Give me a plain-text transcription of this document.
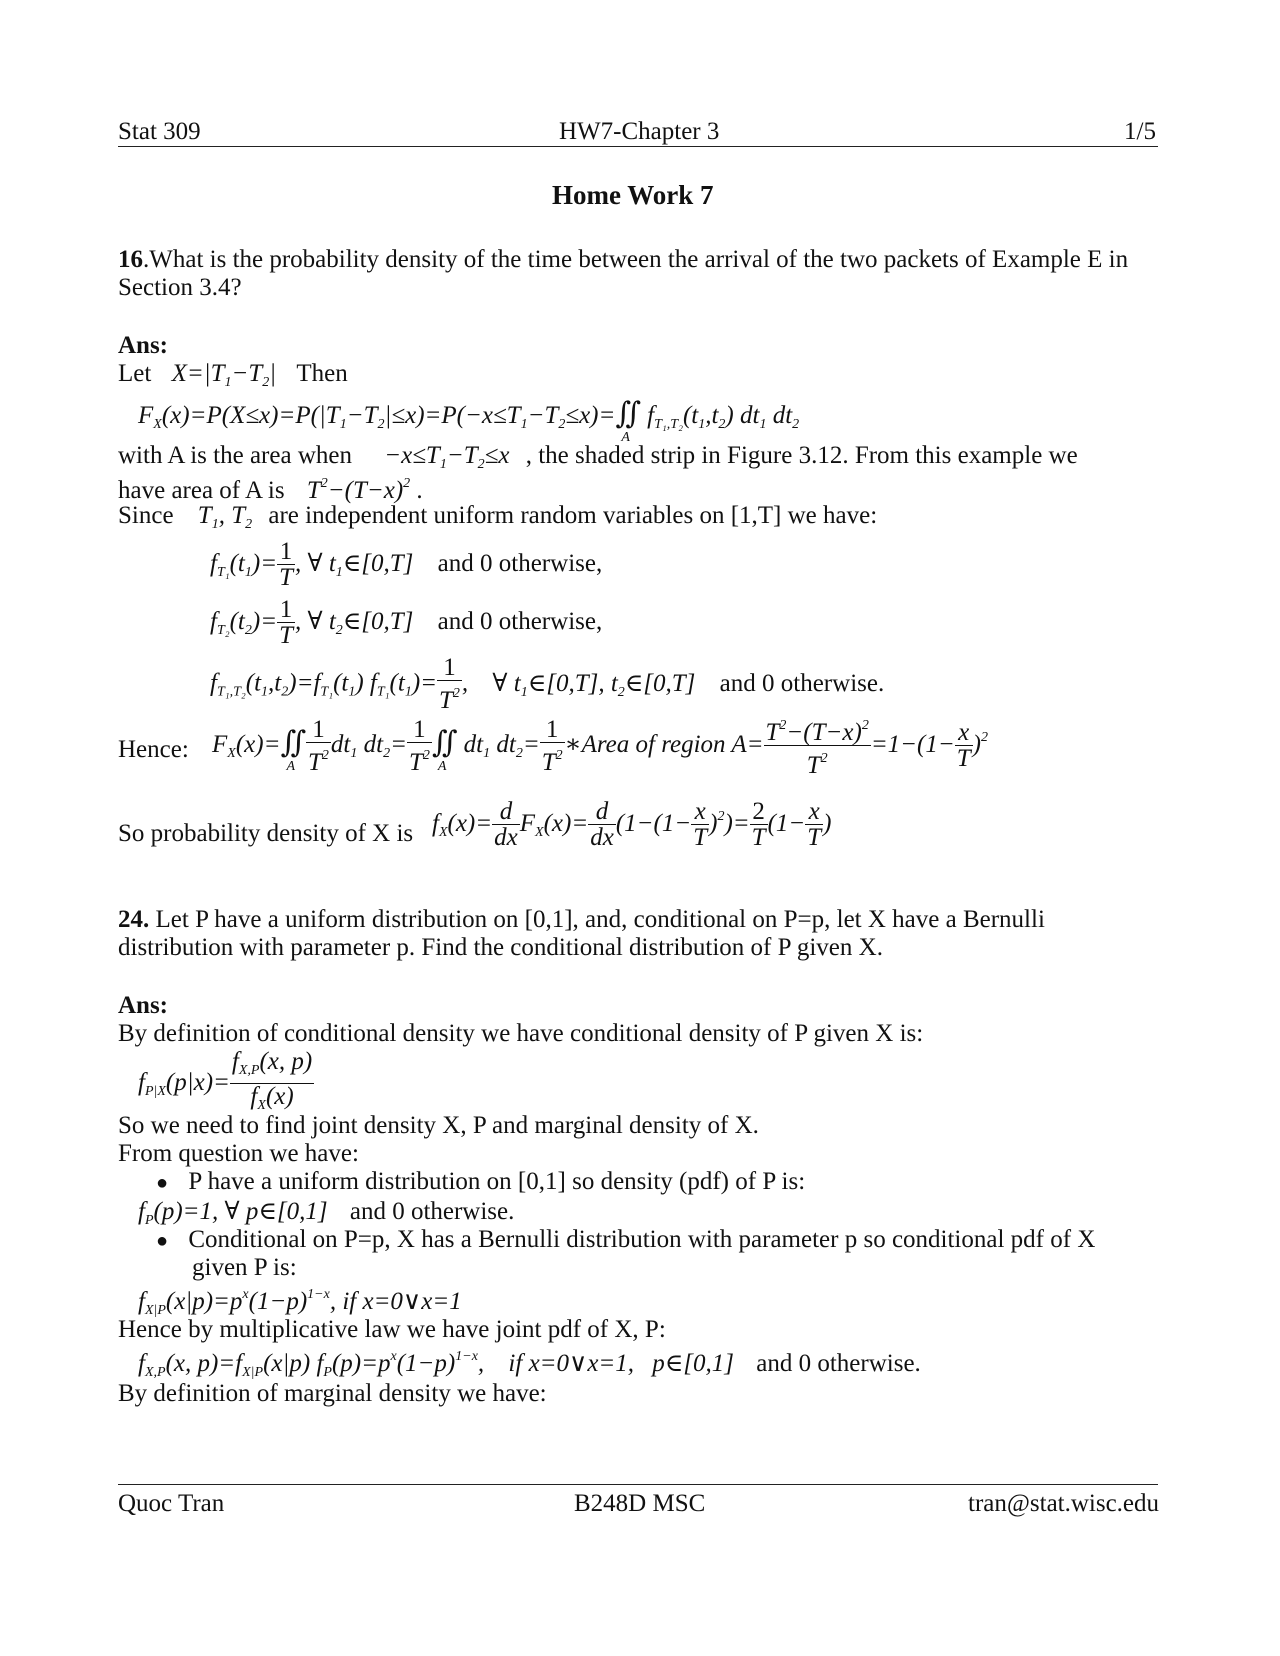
Stat 309	HW7-Chapter 3	1/5
Home Work 7
16.What is the probability density of the time between the arrival of the two packets of Example E in
Section 3.4?
Ans:
Let $X=|T_1-T_2|$ Then
$F_X(x)=P(X\le x)=P(|T_1-T_2|\le x)=P(-x\le T_1-T_2\le x)=∬$
A
$f_{T_1,T_2}(t_1,t_2)$ $dt_1$ $dt_2$
with A is the area when $-x\le T_1-T_2\le x$ , the shaded strip in Figure 3.12. From this example we
have area of A is $T^2-(T-x)^2$ .
Since $T_1$, $T_2$ are independent uniform random variables on [1,T] we have:
$f_{T_1}(t_1)= \frac{1}{T}$ , ∀ $t_1\in[0,T]$ and 0 otherwise,
$f_{T_2}(t_2)= \frac{1}{T}$ , ∀ $t_2\in[0,T]$ and 0 otherwise,
$f_{T_1,T_2}(t_1,t_2)=f_{T_1}(t_1)$ $f_{T_1}(t_1)= \frac{1}{T^2}$ , ∀ $t_1\in[0,T]$, $t_2\in[0,T]$ and 0 otherwise.
Hence: $F_X(x)=∬$
A $\frac{1}{T^2} dt_1$ $dt_2= \frac{1}{T^2}$ ∬
A
$dt_1$ $dt_2= \frac{1}{T^2}$ ∗Area of region $A= \frac{T^2-(T-x)^2}{T^2} =1-(1- \frac{x}{T} )^2$
So probability density of X is $f_X(x)= \frac{d}{dx} F_X(x)= \frac{d}{dx} (1-(1- \frac{x}{T} )^2)= \frac{2}{T} (1- \frac{x}{T}$ )
24. Let P have a uniform distribution on [0,1], and, conditional on P=p, let X have a Bernulli
distribution with parameter p. Find the conditional distribution of P given X.
Ans:
By definition of conditional density we have conditional density of P given X is:
$f_{P|X}(p|x)= \frac{f_{X,P}(x, p)}{f_X(x)}$
So we need to find joint density X, P and marginal density of X.
From question we have:
● P have a uniform distribution on [0,1] so density (pdf) of P is:
$f_P(p)=1$, ∀ p∈[0,1] and 0 otherwise.
● Conditional on P=p, X has a Bernulli distribution with parameter p so conditional pdf of X
given P is:
$f_{X|P}(x|p)=p^x(1-p)^{1-x}$, if x=0∨x=1
Hence by multiplicative law we have joint pdf of X, P:
$f_{X,P}(x$, $p)=f_{X|P}(x|p)$ $f_P(p)=p^x(1-p)^{1-x}$, if x=0∨x=1, p∈[0,1] and 0 otherwise.
By definition of marginal density we have:
Quoc Tran	B248D MSC	tran@stat.wisc.edu
